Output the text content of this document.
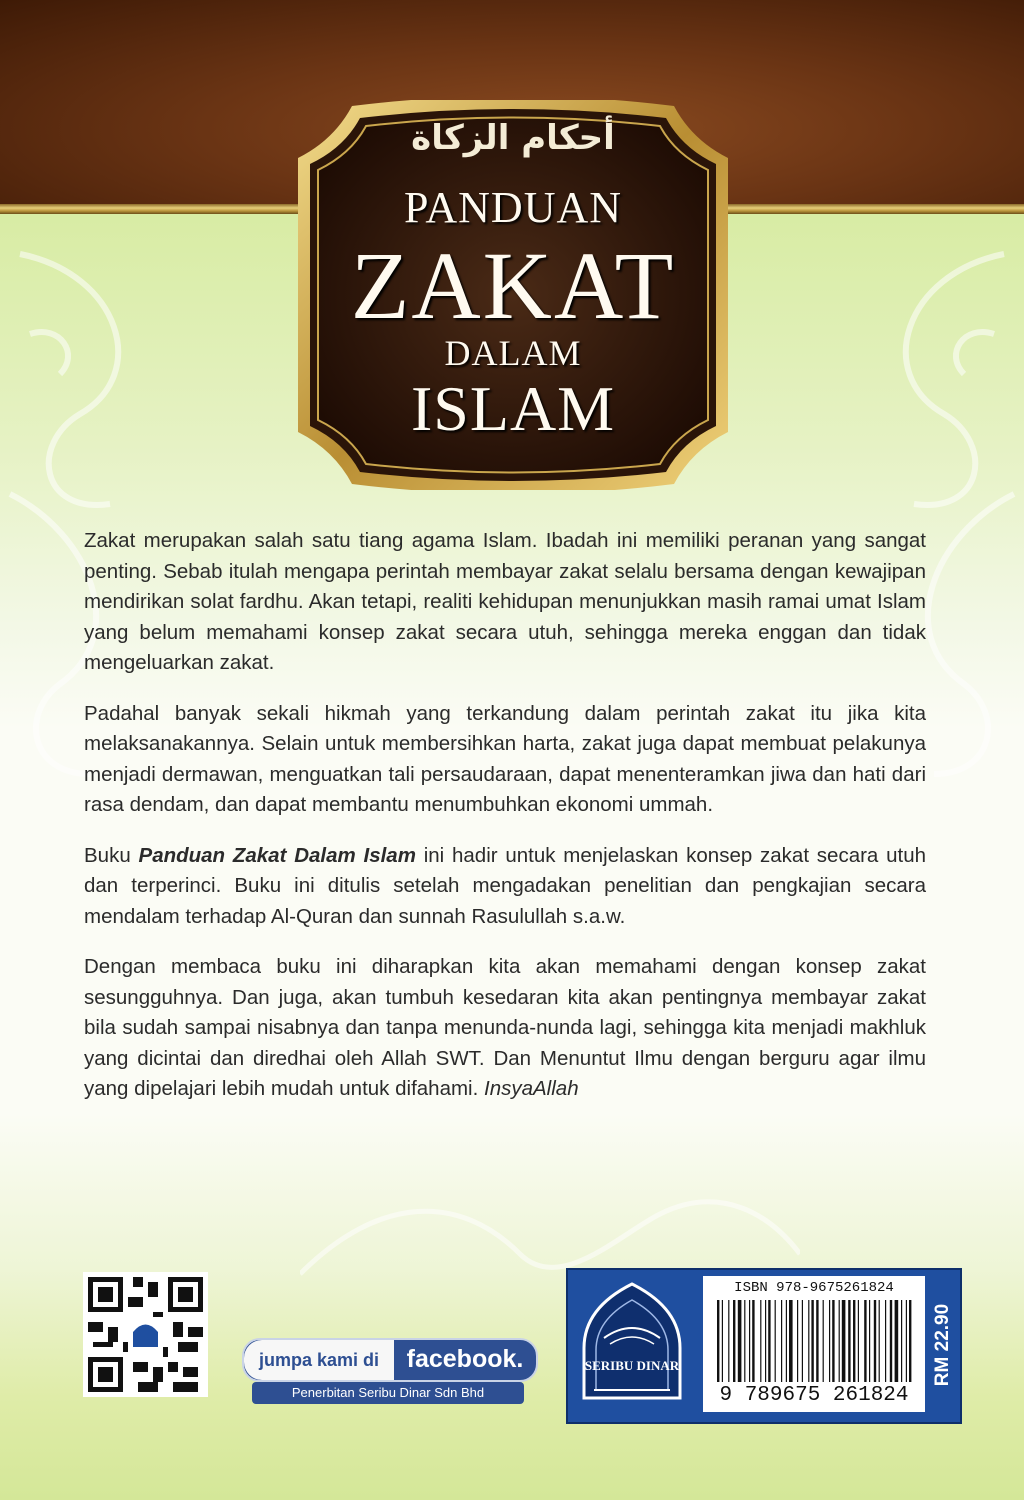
أحكام الزكاة
PANDUAN
ZAKAT
DALAM
ISLAM

Zakat merupakan salah satu tiang agama Islam. Ibadah ini memiliki peranan yang sangat penting. Sebab itulah mengapa perintah membayar zakat selalu bersama dengan kewajipan mendirikan solat fardhu. Akan tetapi, realiti kehidupan menunjukkan masih ramai umat Islam yang belum memahami konsep zakat secara utuh, sehingga mereka enggan dan tidak mengeluarkan zakat.

Padahal banyak sekali hikmah yang terkandung dalam perintah zakat itu jika kita melaksanakannya. Selain untuk membersihkan harta, zakat juga dapat membuat pelakunya menjadi dermawan, menguatkan tali persaudaraan, dapat menenteramkan jiwa dan hati dari rasa dendam, dan dapat membantu menumbuhkan ekonomi ummah.

Buku Panduan Zakat Dalam Islam ini hadir untuk menjelaskan konsep zakat secara utuh dan terperinci. Buku ini ditulis setelah mengadakan penelitian dan pengkajian secara mendalam terhadap Al-Quran dan sunnah Rasulullah s.a.w.

Dengan membaca buku ini diharapkan kita akan memahami dengan konsep zakat sesungguhnya. Dan juga, akan tumbuh kesedaran kita akan pentingnya membayar zakat bila sudah sampai nisabnya dan tanpa menunda-nunda lagi, sehingga kita menjadi makhluk yang dicintai dan diredhai oleh Allah SWT. Dan Menuntut Ilmu dengan berguru agar ilmu yang dipelajari lebih mudah untuk difahami. InsyaAllah

jumpa kami di	facebook.
Penerbitan Seribu Dinar Sdn Bhd
SERIBU DINAR
ISBN 978-9675261824
9 789675 261824
RM 22.90
